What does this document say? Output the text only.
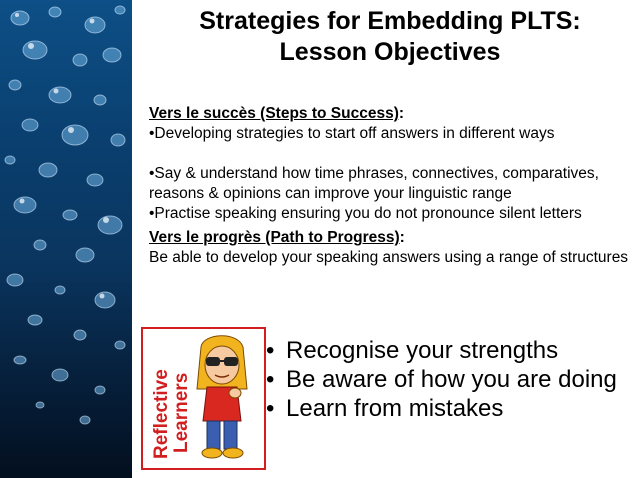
Strategies for Embedding PLTS:
Lesson Objectives
Vers le succès (Steps to Success):
•Developing strategies to start off answers in different ways
•Say & understand how time phrases, connectives, comparatives, reasons & opinions can improve your linguistic range
•Practise speaking ensuring you do not pronounce silent letters
Vers le progrès (Path to Progress):
Be able to develop your speaking answers using a range of structures
Reflective Learners
• Recognise your strengths
• Be aware of how you are doing
• Learn from mistakes
